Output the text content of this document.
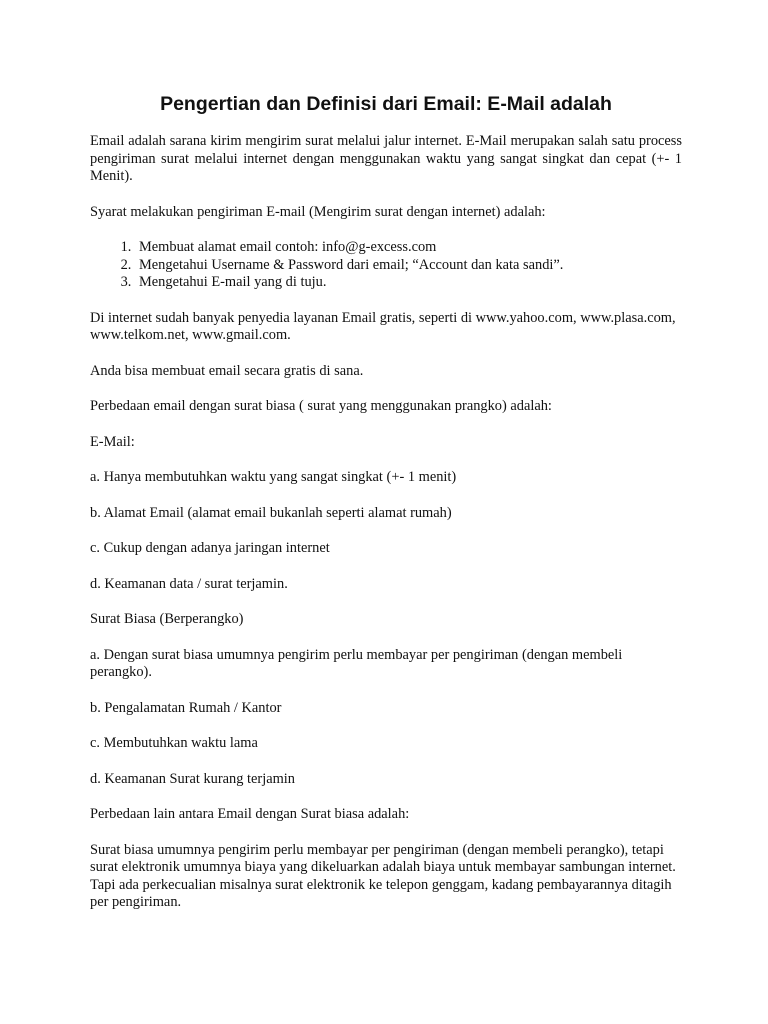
Pengertian dan Definisi dari Email: E-Mail adalah

Email adalah sarana kirim mengirim surat melalui jalur internet. E-Mail merupakan salah satu process pengiriman surat melalui internet dengan menggunakan waktu yang sangat singkat dan cepat (+- 1 Menit).

Syarat melakukan pengiriman E-mail (Mengirim surat dengan internet) adalah:

1. Membuat alamat email contoh: info@g-excess.com
2. Mengetahui Username & Password dari email; “Account dan kata sandi”.
3. Mengetahui E-mail yang di tuju.

Di internet sudah banyak penyedia layanan Email gratis, seperti di www.yahoo.com, www.plasa.com, www.telkom.net, www.gmail.com.

Anda bisa membuat email secara gratis di sana.

Perbedaan email dengan surat biasa ( surat yang menggunakan prangko) adalah:

E-Mail:

a. Hanya membutuhkan waktu yang sangat singkat (+- 1 menit)

b. Alamat Email (alamat email bukanlah seperti alamat rumah)

c. Cukup dengan adanya jaringan internet

d. Keamanan data / surat terjamin.

Surat Biasa (Berperangko)

a. Dengan surat biasa umumnya pengirim perlu membayar per pengiriman (dengan membeli perangko).

b. Pengalamatan Rumah / Kantor

c. Membutuhkan waktu lama

d. Keamanan Surat kurang terjamin

Perbedaan lain antara Email dengan Surat biasa adalah:

Surat biasa umumnya pengirim perlu membayar per pengiriman (dengan membeli perangko), tetapi surat elektronik umumnya biaya yang dikeluarkan adalah biaya untuk membayar sambungan internet. Tapi ada perkecualian misalnya surat elektronik ke telepon genggam, kadang pembayarannya ditagih per pengiriman.
